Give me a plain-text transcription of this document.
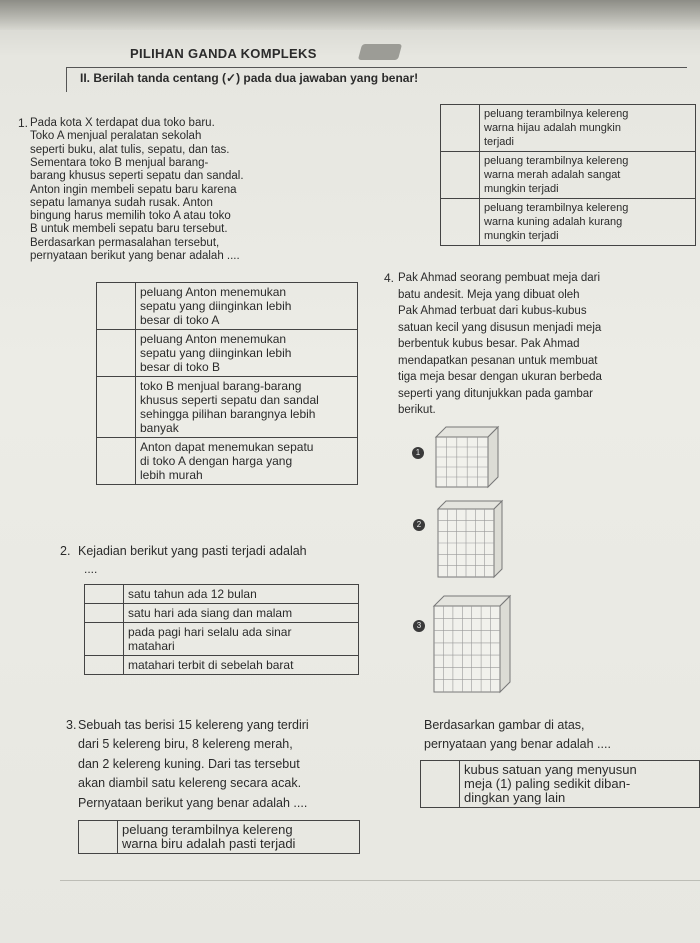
PILIHAN GANDA KOMPLEKS
II. Berilah tanda centang (✓) pada dua jawaban yang benar!
1. Pada kota X terdapat dua toko baru.
Toko A menjual peralatan sekolah
seperti buku, alat tulis, sepatu, dan tas.
Sementara toko B menjual barang-
barang khusus seperti sepatu dan sandal.
Anton ingin membeli sepatu baru karena
sepatu lamanya sudah rusak. Anton
bingung harus memilih toko A atau toko
B untuk membeli sepatu baru tersebut.
Berdasarkan permasalahan tersebut,
pernyataan berikut yang benar adalah ....

	peluang Anton menemukan
sepatu yang diinginkan lebih
besar di toko A

	peluang Anton menemukan
sepatu yang diinginkan lebih
besar di toko B

	toko B menjual barang-barang
khusus seperti sepatu dan sandal
sehingga pilihan barangnya lebih
banyak

	Anton dapat menemukan sepatu
di toko A dengan harga yang
lebih murah
2. Kejadian berikut yang pasti terjadi adalah
....

	satu tahun ada 12 bulan

	satu hari ada siang dan malam

	pada pagi hari selalu ada sinar
matahari

	matahari terbit di sebelah barat
3. Sebuah tas berisi 15 kelereng yang terdiri
dari 5 kelereng biru, 8 kelereng merah,
dan 2 kelereng kuning. Dari tas tersebut
akan diambil satu kelereng secara acak.
Pernyataan berikut yang benar adalah ....

	peluang terambilnya kelereng
warna hijau adalah mungkin
terjadi

	peluang terambilnya kelereng
warna merah adalah sangat
mungkin terjadi

	peluang terambilnya kelereng
warna kuning adalah kurang
mungkin terjadi

peluang terambilnya kelereng
warna biru adalah pasti terjadi
4. Pak Ahmad seorang pembuat meja dari
batu andesit. Meja yang dibuat oleh
Pak Ahmad terbuat dari kubus-kubus
satuan kecil yang disusun menjadi meja
berbentuk kubus besar. Pak Ahmad
mendapatkan pesanan untuk membuat
tiga meja besar dengan ukuran berbeda
seperti yang ditunjukkan pada gambar
berikut.
1
2
3
Berdasarkan gambar di atas,
pernyataan yang benar adalah ....

kubus satuan yang menyusun
meja (1) paling sedikit diban-
dingkan yang lain
